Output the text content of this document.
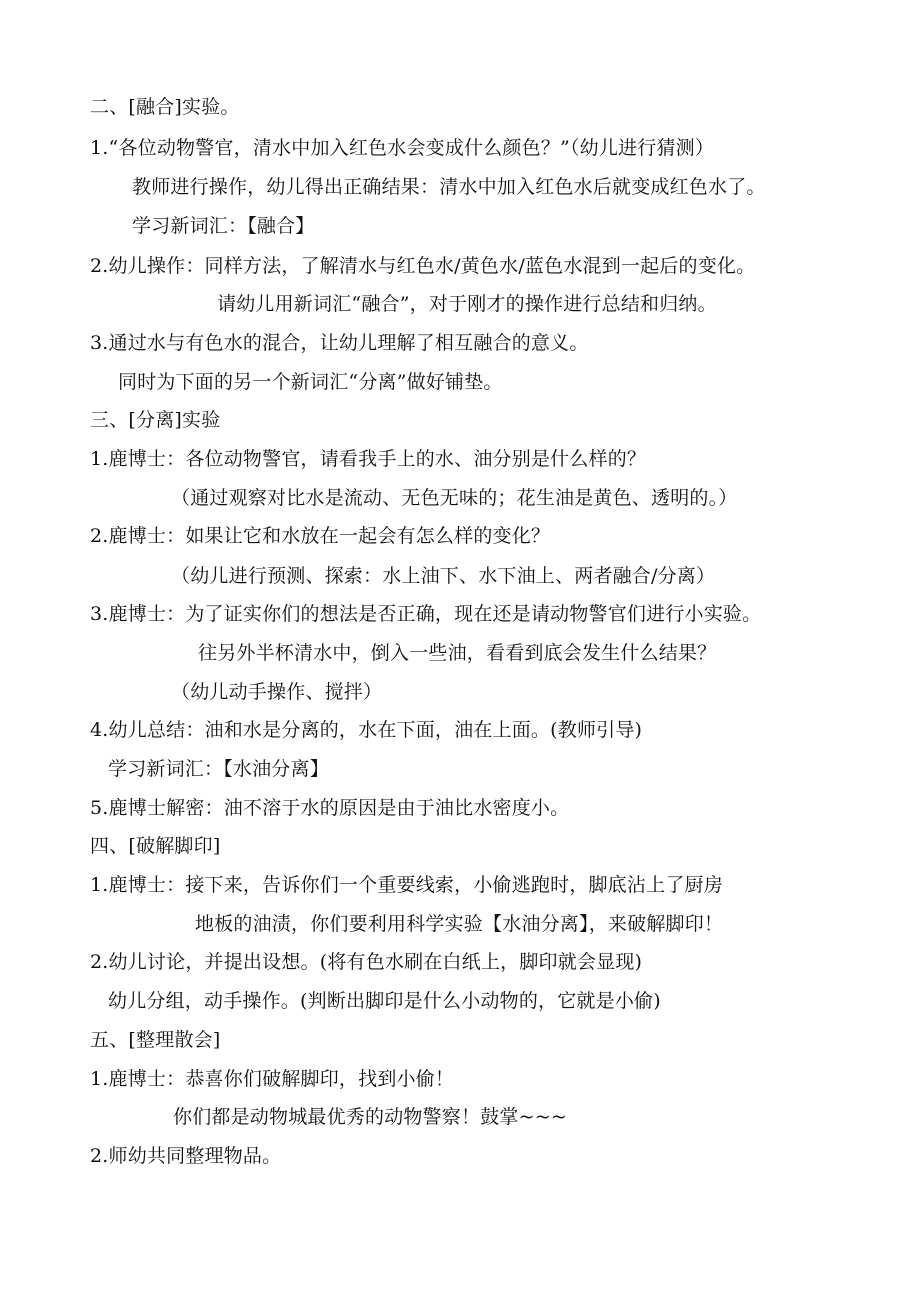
二、[融合]实验。
1.“各位动物警官，清水中加入红色水会变成什么颜色？”（幼儿进行猜测）
教师进行操作，幼儿得出正确结果：清水中加入红色水后就变成红色水了。
学习新词汇：【融合】
2.幼儿操作：同样方法，了解清水与红色水/黄色水/蓝色水混到一起后的变化。
请幼儿用新词汇“融合”，对于刚才的操作进行总结和归纳。
3.通过水与有色水的混合，让幼儿理解了相互融合的意义。
同时为下面的另一个新词汇“分离”做好铺垫。
三、[分离]实验
1.鹿博士：各位动物警官，请看我手上的水、油分别是什么样的？
（通过观察对比水是流动、无色无味的；花生油是黄色、透明的。）
2.鹿博士：如果让它和水放在一起会有怎么样的变化？
（幼儿进行预测、探索：水上油下、水下油上、两者融合/分离）
3.鹿博士：为了证实你们的想法是否正确，现在还是请动物警官们进行小实验。
往另外半杯清水中，倒入一些油，看看到底会发生什么结果？
（幼儿动手操作、搅拌）
4.幼儿总结：油和水是分离的，水在下面，油在上面。(教师引导)
学习新词汇：【水油分离】
5.鹿博士解密：油不溶于水的原因是由于油比水密度小。
四、[破解脚印]
1.鹿博士：接下来，告诉你们一个重要线索，小偷逃跑时，脚底沾上了厨房
地板的油渍，你们要利用科学实验【水油分离】，来破解脚印！
2.幼儿讨论，并提出设想。(将有色水刷在白纸上，脚印就会显现)
幼儿分组，动手操作。(判断出脚印是什么小动物的，它就是小偷)
五、[整理散会]
1.鹿博士：恭喜你们破解脚印，找到小偷！
你们都是动物城最优秀的动物警察！鼓掌~~~
2.师幼共同整理物品。
